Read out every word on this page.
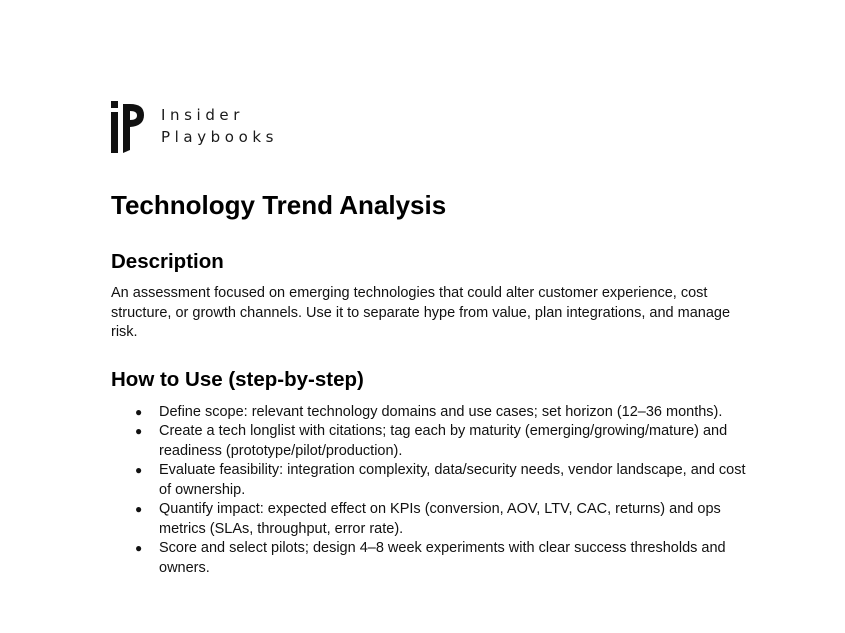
Insider
Playbooks
Technology Trend Analysis
Description

An assessment focused on emerging technologies that could alter customer experience, cost structure, or growth channels. Use it to separate hype from value, plan integrations, and manage risk.

How to Use (step-by-step)
● Define scope: relevant technology domains and use cases; set horizon (12–36 months).
● Create a tech longlist with citations; tag each by maturity (emerging/growing/mature) and readiness (prototype/pilot/production).
● Evaluate feasibility: integration complexity, data/security needs, vendor landscape, and cost of ownership.
● Quantify impact: expected effect on KPIs (conversion, AOV, LTV, CAC, returns) and ops metrics (SLAs, throughput, error rate).
● Score and select pilots; design 4–8 week experiments with clear success thresholds and owners.
